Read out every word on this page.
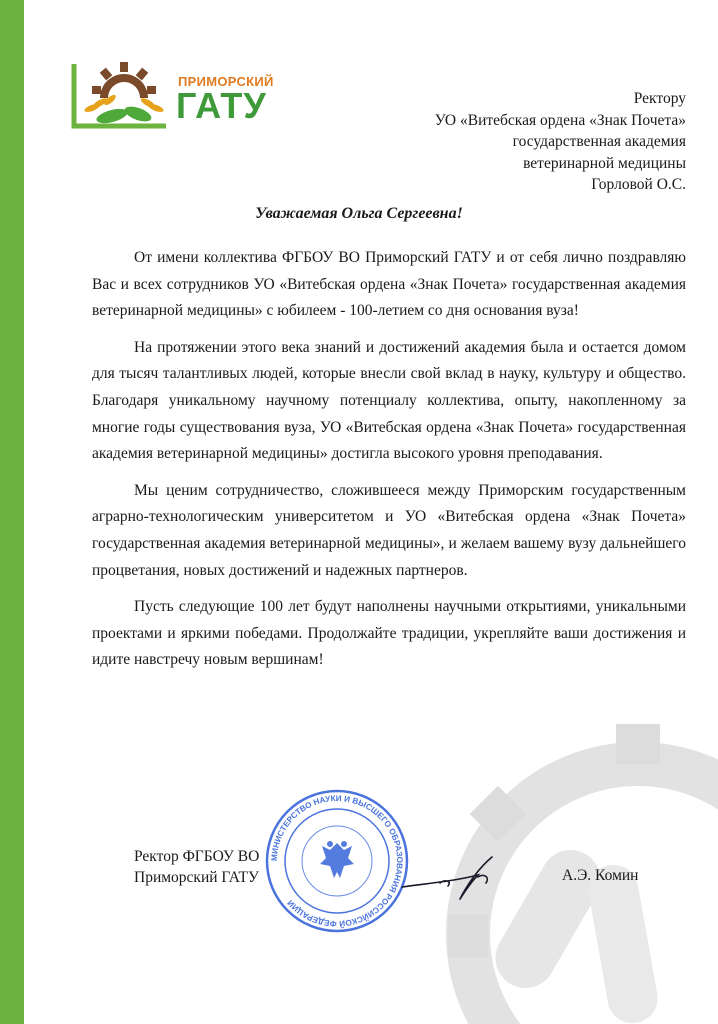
ПРИМОРСКИЙ
ГАТУ	Ректору
УО «Витебская ордена «Знак Почета»
государственная академия
ветеринарной медицины
Горловой О.С.
Уважаемая Ольга Сергеевна!

От имени коллектива ФГБОУ ВО Приморский ГАТУ и от себя лично поздравляю Вас и всех сотрудников УО «Витебская ордена «Знак Почета» государственная академия ветеринарной медицины» с юбилеем - 100-летием со дня основания вуза!

На протяжении этого века знаний и достижений академия была и остается домом для тысяч талантливых людей, которые внесли свой вклад в науку, культуру и общество. Благодаря уникальному научному потенциалу коллектива, опыту, накопленному за многие годы существования вуза, УО «Витебская ордена «Знак Почета» государственная академия ветеринарной медицины» достигла высокого уровня преподавания.

Мы ценим сотрудничество, сложившееся между Приморским государственным аграрно-технологическим университетом и УО «Витебская ордена «Знак Почета» государственная академия ветеринарной медицины», и желаем вашему вузу дальнейшего процветания, новых достижений и надежных партнеров.

Пусть следующие 100 лет будут наполнены научными открытиями, уникальными проектами и яркими победами. Продолжайте традиции, укрепляйте ваши достижения и идите навстречу новым вершинам!

МИНИСТЕРСТВО НАУКИ И ВЫСШЕГО ОБРАЗОВАНИЯ РОССИЙСКОЙ ФЕДЕРАЦИИ
Ректор ФГБОУ ВО
Приморский ГАТУ	А.Э. Комин
